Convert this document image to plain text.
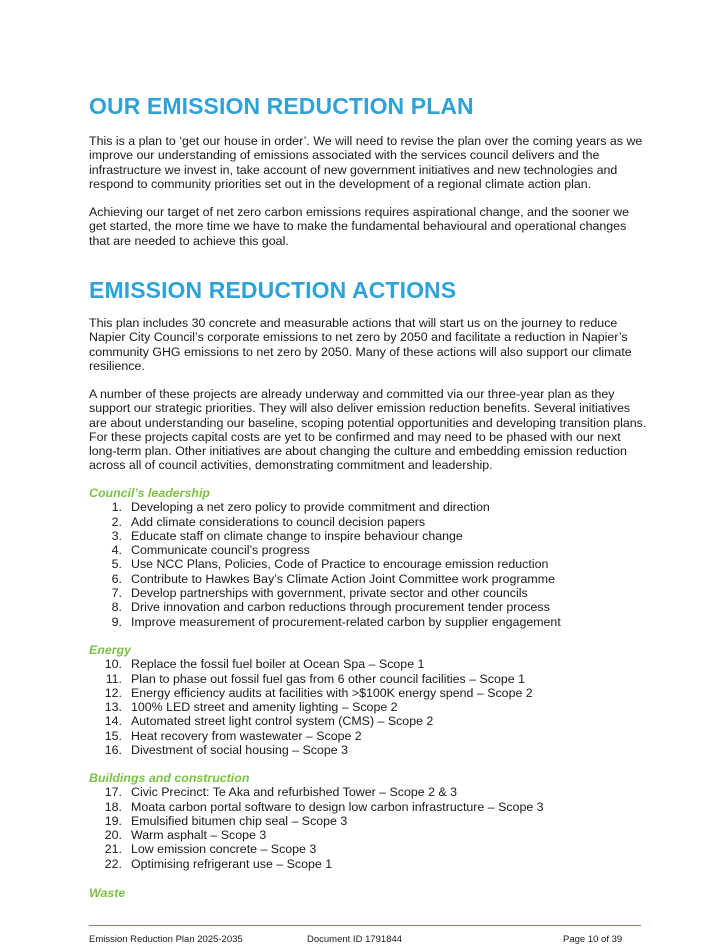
OUR EMISSION REDUCTION PLAN

This is a plan to ‘get our house in order’. We will need to revise the plan over the coming years as we improve our understanding of emissions associated with the services council delivers and the infrastructure we invest in, take account of new government initiatives and new technologies and respond to community priorities set out in the development of a regional climate action plan.

Achieving our target of net zero carbon emissions requires aspirational change, and the sooner we get started, the more time we have to make the fundamental behavioural and operational changes that are needed to achieve this goal.

EMISSION REDUCTION ACTIONS

This plan includes 30 concrete and measurable actions that will start us on the journey to reduce Napier City Council’s corporate emissions to net zero by 2050 and facilitate a reduction in Napier’s community GHG emissions to net zero by 2050. Many of these actions will also support our climate resilience.

A number of these projects are already underway and committed via our three-year plan as they support our strategic priorities. They will also deliver emission reduction benefits. Several initiatives are about understanding our baseline, scoping potential opportunities and developing transition plans. For these projects capital costs are yet to be confirmed and may need to be phased with our next long-term plan. Other initiatives are about changing the culture and embedding emission reduction across all of council activities, demonstrating commitment and leadership.

Council’s leadership
1. Developing a net zero policy to provide commitment and direction
2. Add climate considerations to council decision papers
3. Educate staff on climate change to inspire behaviour change
4. Communicate council’s progress
5. Use NCC Plans, Policies, Code of Practice to encourage emission reduction
6. Contribute to Hawkes Bay’s Climate Action Joint Committee work programme
7. Develop partnerships with government, private sector and other councils
8. Drive innovation and carbon reductions through procurement tender process
9. Improve measurement of procurement-related carbon by supplier engagement
Energy
10. Replace the fossil fuel boiler at Ocean Spa – Scope 1
11. Plan to phase out fossil fuel gas from 6 other council facilities – Scope 1
12. Energy efficiency audits at facilities with >$100K energy spend – Scope 2
13. 100% LED street and amenity lighting – Scope 2
14. Automated street light control system (CMS) – Scope 2
15. Heat recovery from wastewater – Scope 2
16. Divestment of social housing – Scope 3
Buildings and construction
17. Civic Precinct: Te Aka and refurbished Tower – Scope 2 & 3
18. Moata carbon portal software to design low carbon infrastructure – Scope 3
19. Emulsified bitumen chip seal – Scope 3
20. Warm asphalt – Scope 3
21. Low emission concrete – Scope 3
22. Optimising refrigerant use – Scope 1
Waste
Emission Reduction Plan 2025-2035	Document ID 1791844	Page 10 of 39
